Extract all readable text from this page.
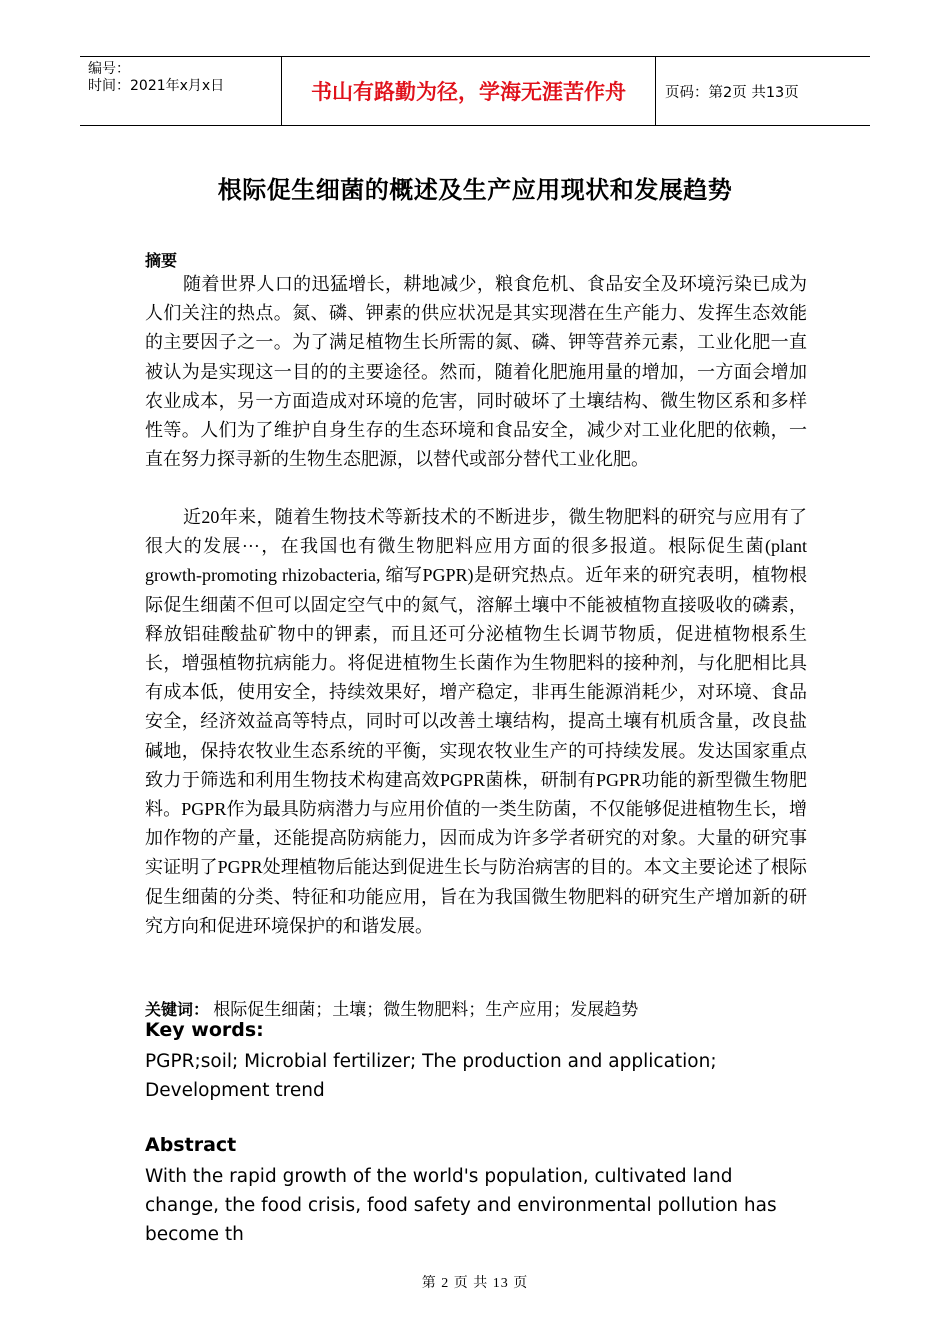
编号：
时间：2021年x月x日	书山有路勤为径，学海无涯苦作舟	页码：第2页 共13页
根际促生细菌的概述及生产应用现状和发展趋势
摘要
随着世界人口的迅猛增长，耕地减少，粮食危机、食品安全及环境污染已成为人们关注的热点。氮、磷、钾素的供应状况是其实现潜在生产能力、发挥生态效能的主要因子之一。为了满足植物生长所需的氮、磷、钾等营养元素，工业化肥一直被认为是实现这一目的的主要途径。然而，随着化肥施用量的增加，一方面会增加农业成本，另一方面造成对环境的危害，同时破坏了土壤结构、微生物区系和多样性等。人们为了维护自身生存的生态环境和食品安全，减少对工业化肥的依赖，一直在努力探寻新的生物生态肥源，以替代或部分替代工业化肥。
近20年来，随着生物技术等新技术的不断进步，微生物肥料的研究与应用有了很大的发展···，在我国也有微生物肥料应用方面的很多报道。根际促生菌(plant growth-promoting rhizobacteria, 缩写PGPR)是研究热点。近年来的研究表明，植物根际促生细菌不但可以固定空气中的氮气，溶解土壤中不能被植物直接吸收的磷素，释放铝硅酸盐矿物中的钾素，而且还可分泌植物生长调节物质，促进植物根系生长，增强植物抗病能力。将促进植物生长菌作为生物肥料的接种剂，与化肥相比具有成本低，使用安全，持续效果好，增产稳定，非再生能源消耗少，对环境、食品安全，经济效益高等特点，同时可以改善土壤结构，提高土壤有机质含量，改良盐碱地，保持农牧业生态系统的平衡，实现农牧业生产的可持续发展。发达国家重点致力于筛选和利用生物技术构建高效PGPR菌株，研制有PGPR功能的新型微生物肥料。PGPR作为最具防病潜力与应用价值的一类生防菌，不仅能够促进植物生长，增加作物的产量，还能提高防病能力，因而成为许多学者研究的对象。大量的研究事实证明了PGPR处理植物后能达到促进生长与防治病害的目的。本文主要论述了根际促生细菌的分类、特征和功能应用，旨在为我国微生物肥料的研究生产增加新的研究方向和促进环境保护的和谐发展。
关键词： 根际促生细菌；土壤；微生物肥料；生产应用；发展趋势
Key words:
PGPR;soil; Microbial fertilizer; The production and application; Development trend
Abstract
With the rapid growth of the world's population, cultivated land change, the food crisis, food safety and environmental pollution has become th
第 2 页 共 13 页
